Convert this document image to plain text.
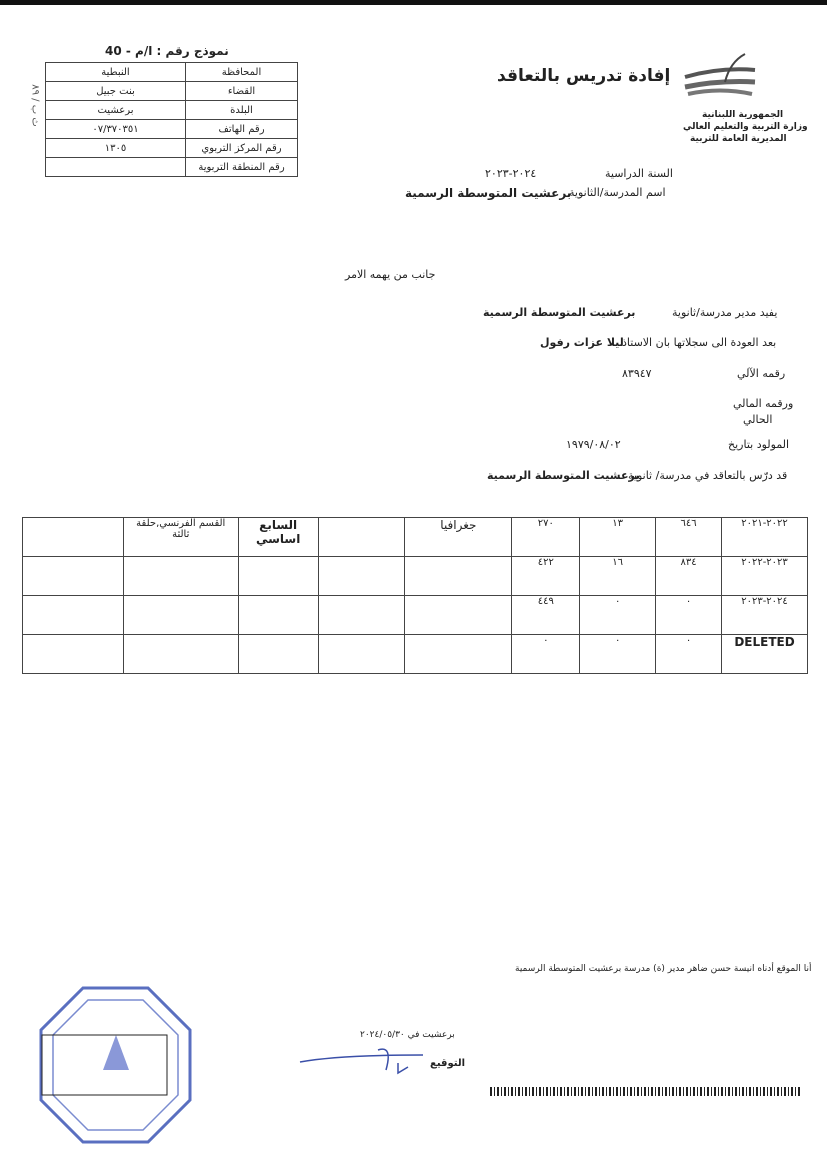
نموذج رقم : ا/م - 40
النبطية	المحافظة
بنت جبيل	القضاء
برعشيت	البلدة
٠٧/٣٧٠٣٥١	رقم الهاتف
١٣٠٥	رقم المركز التربوي
	رقم المنطقة التربوية
ث ب / ٨٩
إفادة تدريس بالتعاقد
الجمهورية اللبنانية
وزارة التربية والتعليم العالي
المديرية العامة للتربية
السنة الدراسية
٢٠٢٤-٢٠٢٣
اسم المدرسة/الثانوية
برعشيت المتوسطة الرسمية
جانب من يهمه الامر
يفيد مدير مدرسة/ثانوية
برعشيت المتوسطة الرسمية
بعد العودة الى سجلاتها بان الاستاذ
ليلا عزات رفول
رقمه الآلي
٨٣٩٤٧
ورقمه المالي
الحالي
المولود بتاريخ
١٩٧٩/٠٨/٠٢
قد درّس بالتعاقد في مدرسة/ ثانوية
برعشيت المتوسطة الرسمية
	القسم الفرنسي,حلقة ثالثة	السابع اساسي		جغرافيا	٢٧٠	١٣	٦٤٦	٢٠٢٢-٢٠٢١
					٤٢٢	١٦	٨٣٤	٢٠٢٣-٢٠٢٢
					٤٤٩	٠	٠	٢٠٢٤-٢٠٢٣
					٠	٠	٠	DELETED
أنا الموقع أدناه انيسة حسن ضاهر مدير (ة) مدرسة برعشيت المتوسطة الرسمية
برعشيت في ٢٠٢٤/٠٥/٣٠
التوقيع
